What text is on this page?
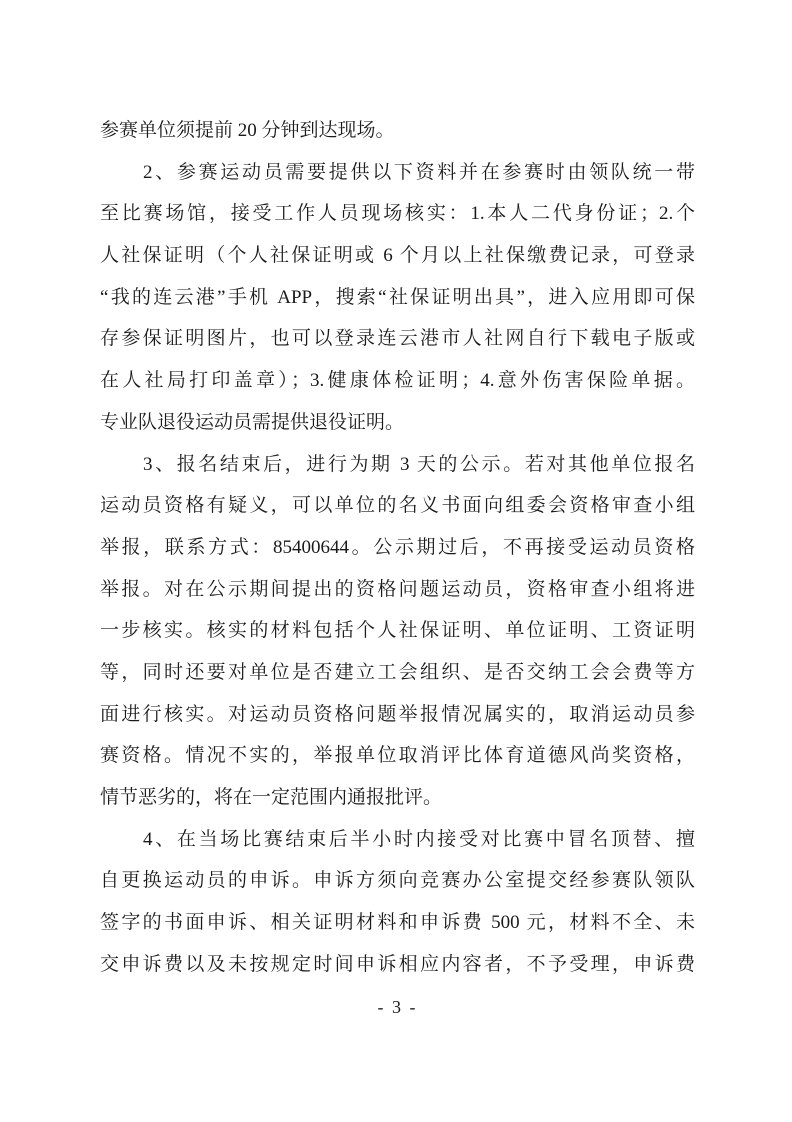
参赛单位须提前 20 分钟到达现场。
2、参赛运动员需要提供以下资料并在参赛时由领队统一带
至比赛场馆，接受工作人员现场核实：1.本人二代身份证；2.个
人社保证明（个人社保证明或 6 个月以上社保缴费记录，可登录
“我的连云港”手机 APP，搜索“社保证明出具”，进入应用即可保
存参保证明图片，也可以登录连云港市人社网自行下载电子版或
在人社局打印盖章）；3.健康体检证明；4.意外伤害保险单据。
专业队退役运动员需提供退役证明。
3、报名结束后，进行为期 3 天的公示。若对其他单位报名
运动员资格有疑义，可以单位的名义书面向组委会资格审查小组
举报，联系方式：85400644。公示期过后，不再接受运动员资格
举报。对在公示期间提出的资格问题运动员，资格审查小组将进
一步核实。核实的材料包括个人社保证明、单位证明、工资证明
等，同时还要对单位是否建立工会组织、是否交纳工会会费等方
面进行核实。对运动员资格问题举报情况属实的，取消运动员参
赛资格。情况不实的，举报单位取消评比体育道德风尚奖资格，
情节恶劣的，将在一定范围内通报批评。
4、在当场比赛结束后半小时内接受对比赛中冒名顶替、擅
自更换运动员的申诉。申诉方须向竞赛办公室提交经参赛队领队
签字的书面申诉、相关证明材料和申诉费 500 元，材料不全、未
交申诉费以及未按规定时间申诉相应内容者，不予受理，申诉费
- 3 -
